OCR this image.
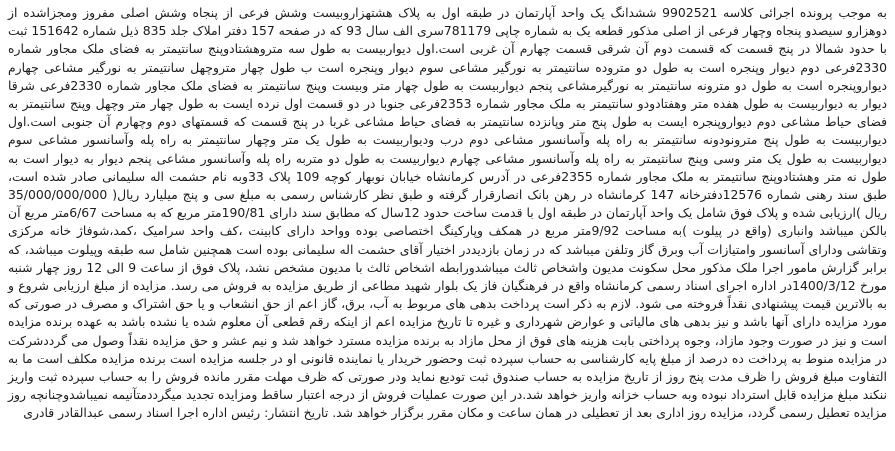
به موجب پرونده اجرائی کلاسه 9902521 ششدانگ یک واحد آپارتمان در طبقه اول به پلاک هشتهزاروبیست وشش فرعی از پنجاه وشش اصلی مفروز ومجزاشده از دوهزارو سیصدو پنجاه وچهار فرعی از اصلی مذکور قطعه یک به شماره چاپی 781179سری الف سال 93 که در صفحه 157 دفتر املاک جلد 835 ذیل شماره 151642 ثبت با حدود شمالا در پنج قسمت که قسمت دوم آن شرقی قسمت چهارم آن غربی است.اول دیواربیست به طول سه متروهشتادوپنج سانتیمتر به فضای ملک مجاور شماره 2330فرعی دوم دیوار وپنجره است به طول دو متروده سانتیمتر به نورگیر مشاعی سوم دیوار وپنجره است ب طول چهار متروچهل سانتیمتر به نورگیر مشاعی چهارم دیواروپنجره است به طول دو مترونه سانتیمتر به نورگیرمشاعی پنجم دیواربیست به طول چهار متر وبیست وپنج سانتیمتر به فضای ملک مجاور شماره 2330فرعی شرقا دیوار به دیواربیست به طول هفده متر وهفتادودو سانتیمتر به ملک مجاور شماره 2353فرعی جنوبا در دو قسمت اول نرده ایست به طول چهار متر وچهل وپنج سانتیمتر به فضای حیاط مشاعی دوم دیواروپنجره ایست به طول پنج متر وپانزده سانتیمتر به فضای حیاط مشاعی غربا در پنج قسمت که قسمتهای دوم وچهارم آن جنوبی است.اول دیواربیست به طول پنج مترونودونه سانتیمتر به راه پله وآسانسور مشاعی دوم درب ودیواربیست به طول یک متر وچهار سانتیمتر به راه پله وآسانسور مشاعی سوم دیواربیست به طول یک متر وسی وپنج سانتیمتر به راه پله وآسانسور مشاعی چهارم دیواربیست به طول دو متربه راه پله وآسانسور مشاعی پنجم دیوار به دیوار است به طول نه متر وهشتادوپنج سانتیمتر به ملک مجاور شماره 2355فرعی در آدرس کرمانشاه خیابان نوبهار کوچه 109 پلاک 33وبه نام حشمت اله سلیمانی صادر شده است، طبق سند رهنی شماره 12576دفترخانه 147 کرمانشاه در رهن بانک انصارقرار گرفته و طبق نظر کارشناس رسمی به مبلغ سی و پنج میلیارد ریال( 35/000/000/000 ریال )ارزیابی شده و پلاک فوق شامل یک واحد آپارتمان در طبقه اول با قدمت ساخت حدود 12سال که مطابق سند دارای 190/81متر مربع که به مساحت 6/67متر مربع آن بالکن میباشد وانباری (واقع در پیلوت )به مساحت 9/92متر مربع در همکف وپارکینگ اختصاصی بوده وواحد دارای کابینت ،کف واحد سرامیک ،کمد،شوفاژ خانه مرکزی وتقاشی ودارای آسانسور وامتیازات آب وبرق گاز وتلفن میباشد که در زمان بازدیددر اختیار آقای حشمت اله سلیمانی بوده است همچنین شامل سه طبقه وپیلوت میباشد، که برابر گزارش مامور اجرا ملک مذکور محل سکونت مدیون واشخاص ثالث میباشدورابطه اشخاص ثالث با مدیون مشخص نشد، پلاک فوق از ساعت 9 الی 12 روز چهار شنبه مورخ 1400/3/12در اداره اجرای اسناد رسمی کرمانشاه واقع در فرهنگیان فاز یک بلوار شهید مطاعی از طریق مزایده به فروش می رسد. مزایده از مبلغ ارزیابی شروع و به بالاترین قیمت پیشنهادی نقداً فروخته می شود. لازم به ذکر است پرداخت بدهی های مربوط به آب، برق، گاز اعم از حق انشعاب و یا حق اشتراک و مصرف در صورتی که مورد مزایده دارای آنها باشد و نیز بدهی های مالیاتی و عوارض شهرداری و غیره تا تاریخ مزایده اعم از اینکه رقم قطعی آن معلوم شده یا نشده باشد به عهده برنده مزایده است و نیز در صورت وجود مازاد، وجوه پرداختی بابت هزینه های فوق از محل مازاد به برنده مزایده مسترد خواهد شد و نیم عشر و حق مزایده نقداً وصول می گرددشرکت در مزایده منوط به پرداخت ده درصد از مبلغ پایه کارشناسی به حساب سپرده ثبت وحضور خریدار یا نماینده قانونی او در جلسه مزایده است برنده مزایده مکلف است ما به التفاوت مبلغ فروش را ظرف مدت پنج روز از تاریخ مزایده به حساب صندوق ثبت تودیع نماید ودر صورتی که ظرف مهلت مقرر مانده فروش را به حساب سپرده ثبت واریز ننکند مبلغ مزایده قابل استرداد نبوده وبه حساب خزانه واریز خواهد شد.در این صورت عملیات فروش از درجه اعتبار ساقط ومزایده تجدید میگرددمتآنیمه نمیباشدوچنانچه روز مزایده تعطیل رسمی گردد، مزایده روز اداری بعد از تعطیلی در همان ساعت و مکان مقرر برگزار خواهد شد. تاریخ انتشار: رئیس اداره اجرا اسناد رسمی عبدالقادر قادری
